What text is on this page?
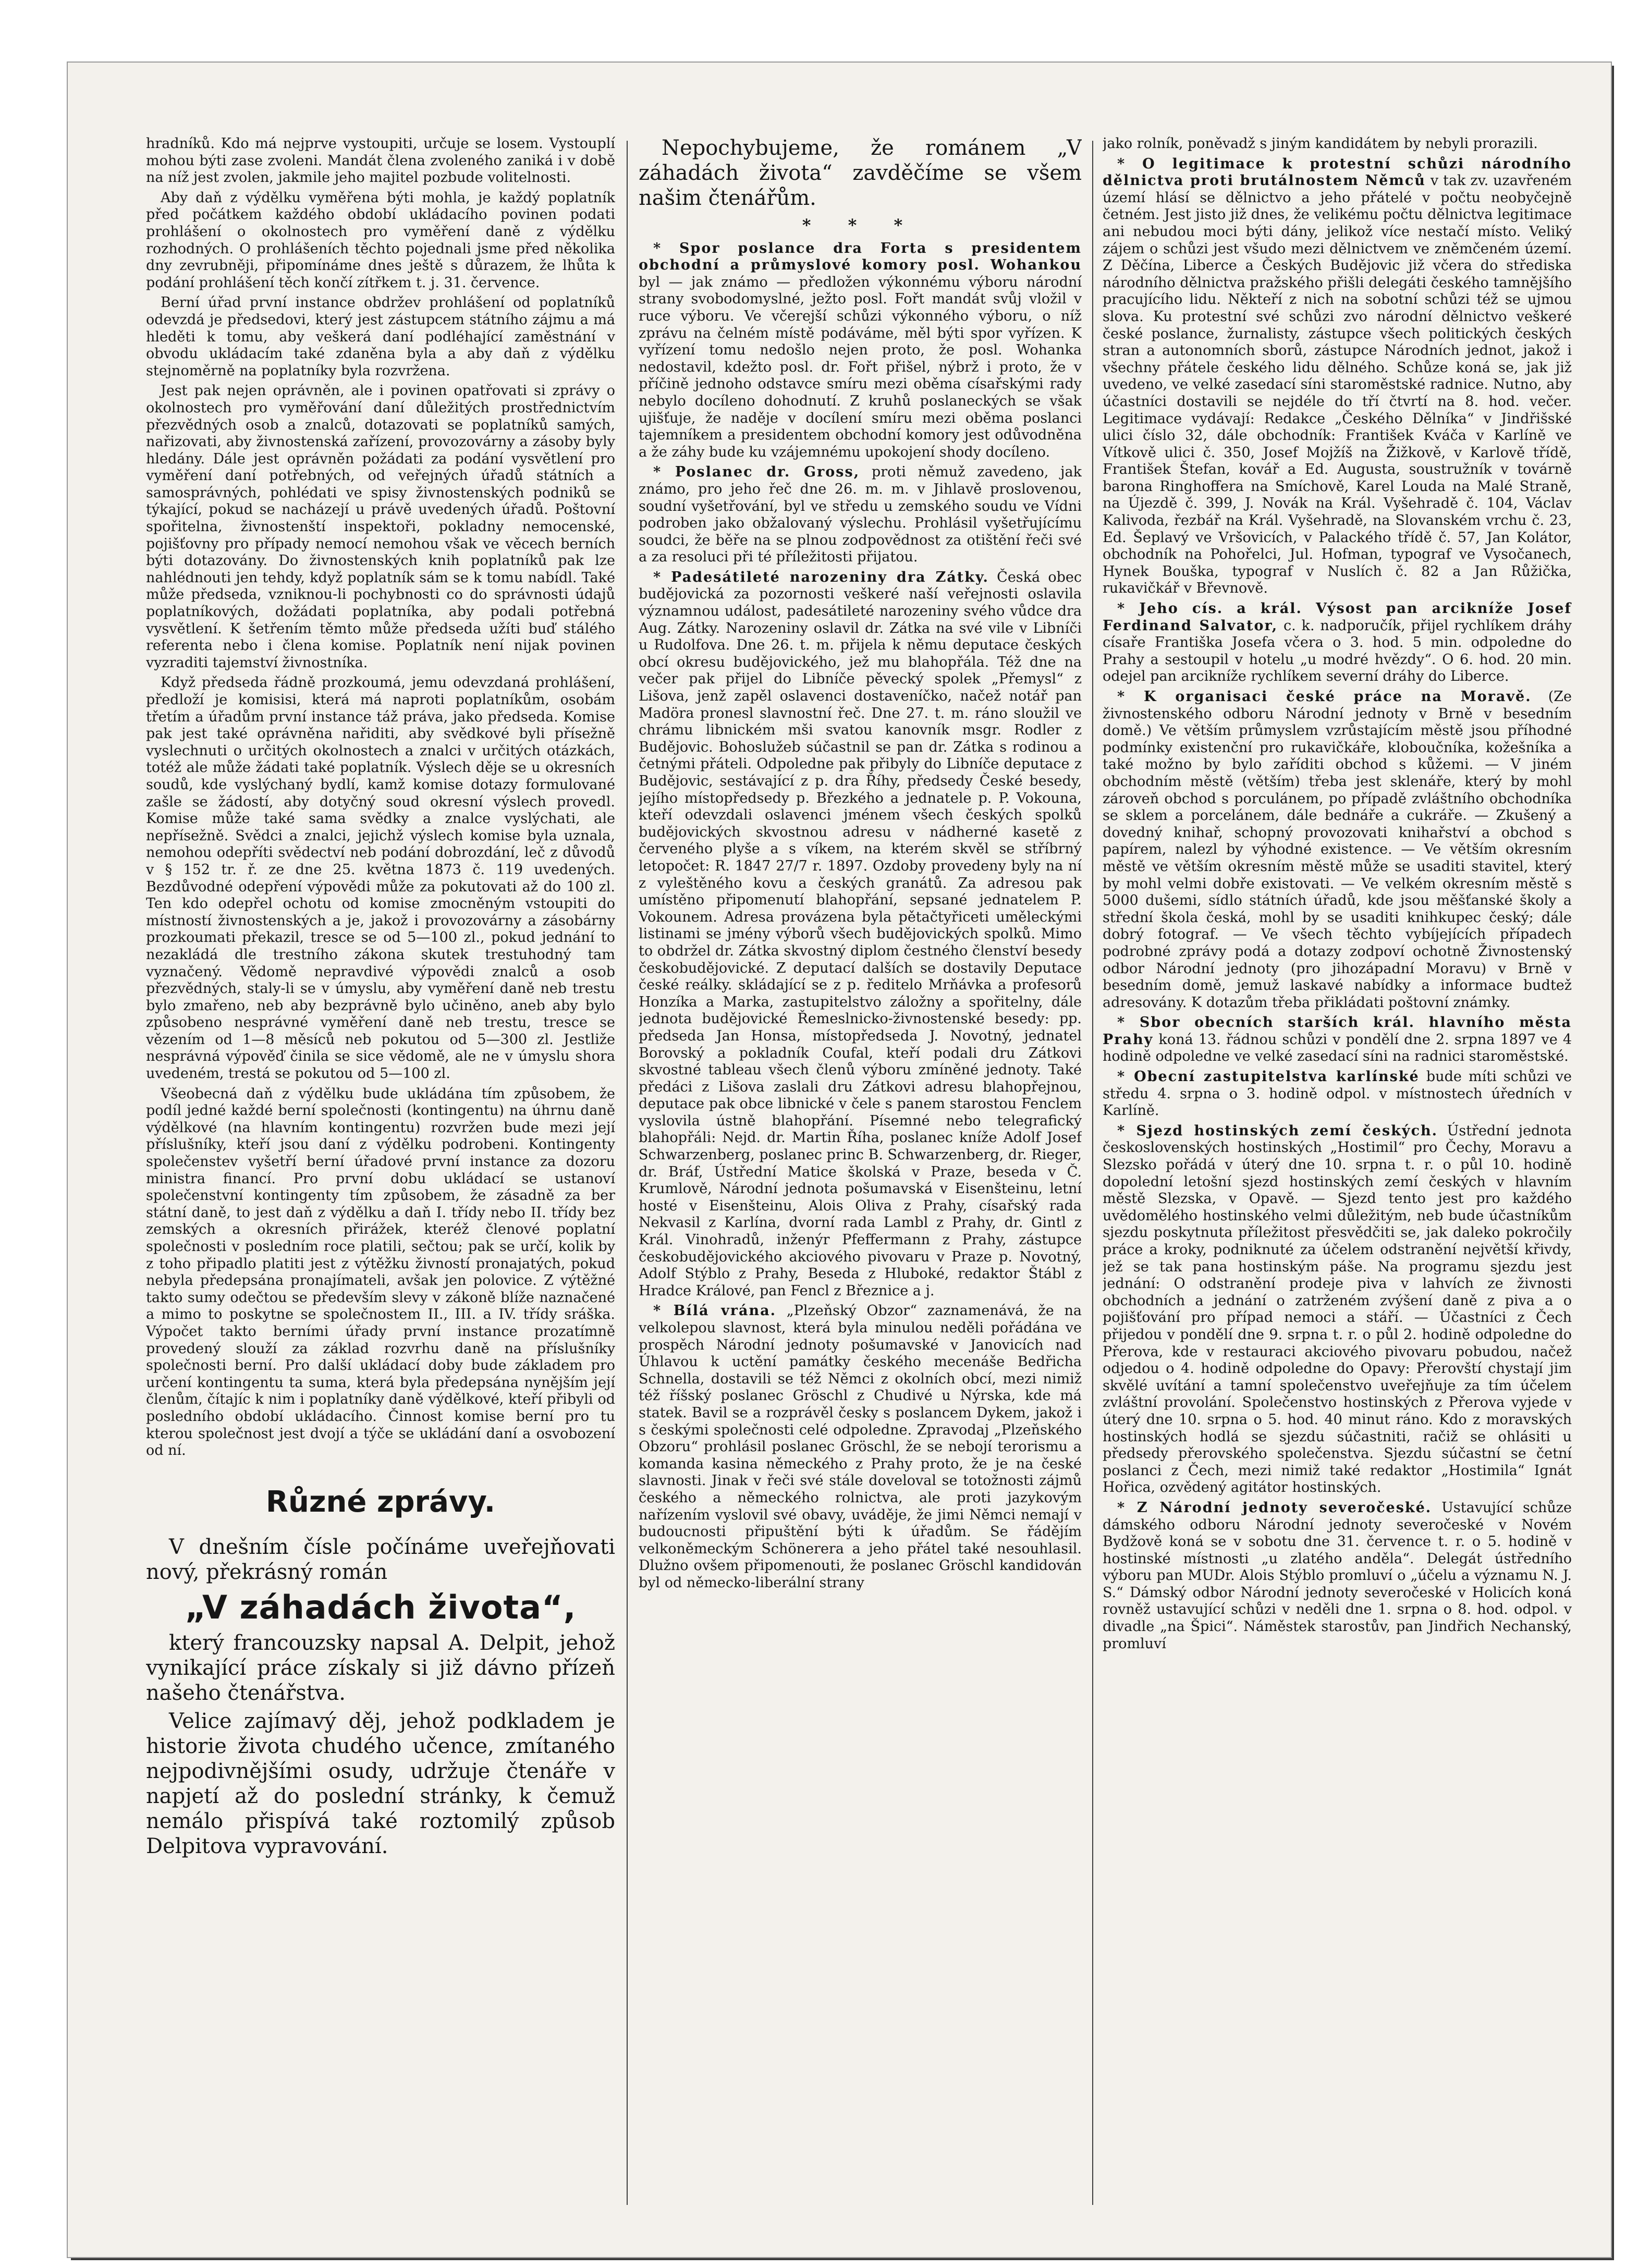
hradníků. Kdo má nejprve vystoupiti, určuje se losem. Vystouplí mohou býti zase zvoleni. Mandát člena zvoleného zaniká i v době na níž jest zvolen, jakmile jeho majitel pozbude volitelnosti.

Aby daň z výdělku vyměřena býti mohla, je každý poplatník před počátkem každého období ukládacího povinen podati prohlášení o okolnostech pro vyměření daně z výdělku rozhodných. O prohlášeních těchto pojednali jsme před několika dny zevrubněji, připomínáme dnes ještě s důrazem, že lhůta k podání prohlášení těch končí zítřkem t. j. 31. července.

Berní úřad první instance obdržev prohlášení od poplatníků odevzdá je předsedovi, který jest zástupcem státního zájmu a má hleděti k tomu, aby veškerá daní podléhající zaměstnání v obvodu ukládacím také zdaněna byla a aby daň z výdělku stejnoměrně na poplatníky byla rozvržena.

Jest pak nejen oprávněn, ale i povinen opatřovati si zprávy o okolnostech pro vyměřování daní důležitých prostřednictvím přezvědných osob a znalců, dotazovati se poplatníků samých, nařizovati, aby živnostenská zařízení, provozovárny a zásoby byly hledány. Dále jest oprávněn požádati za podání vysvětlení pro vyměření daní potřebných, od veřejných úřadů státních a samosprávných, pohlédati ve spisy živnostenských podniků se týkající, pokud se nacházejí u právě uvedených úřadů. Poštovní spořitelna, živnostenští inspektoři, pokladny nemocenské, pojišťovny pro případy nemocí nemohou však ve věcech berních býti dotazovány. Do živnostenských knih poplatníků pak lze nahlédnouti jen tehdy, když poplatník sám se k tomu nabídl. Také může předseda, vzniknou-li pochybnosti co do správnosti údajů poplatníkových, dožádati poplatníka, aby podali potřebná vysvětlení. K šetřením těmto může předseda užíti buď stálého referenta nebo i člena komise. Poplatník není nijak povinen vyzraditi tajemství živnostníka.

Když předseda řádně prozkoumá, jemu odevzdaná prohlášení, předloží je komisisi, která má naproti poplatníkům, osobám třetím a úřadům první instance táž práva, jako předseda. Komise pak jest také oprávněna nařiditi, aby svědkové byli přísežně vyslechnuti o určitých okolnostech a znalci v určitých otázkách, totéž ale může žádati také poplatník. Výslech děje se u okresních soudů, kde vyslýchaný bydlí, kamž komise dotazy formulované zašle se žádostí, aby dotyčný soud okresní výslech provedl. Komise může také sama svědky a znalce vyslýchati, ale nepřísežně. Svědci a znalci, jejichž výslech komise byla uznala, nemohou odepříti svědectví neb podání dobrozdání, leč z důvodů v § 152 tr. ř. ze dne 25. května 1873 č. 119 uvedených. Bezdůvodné odepření výpovědi může za pokutovati až do 100 zl. Ten kdo odepřel ochotu od komise zmocněným vstoupiti do místností živnostenských a je, jakož i provozovárny a zásobárny prozkoumati překazil, tresce se od 5—100 zl., pokud jednání to nezakládá dle trestního zákona skutek trestuhodný tam vyznačený. Vědomě nepravdivé výpovědi znalců a osob přezvědných, staly-li se v úmyslu, aby vyměření daně neb trestu bylo zmařeno, neb aby bezprávně bylo učiněno, aneb aby bylo způsobeno nesprávné vyměření daně neb trestu, tresce se vězením od 1—8 měsíců neb pokutou od 5—300 zl. Jestliže nesprávná výpověď činila se sice vědomě, ale ne v úmyslu shora uvedeném, trestá se pokutou od 5—100 zl.

Všeobecná daň z výdělku bude ukládána tím způsobem, že podíl jedné každé berní společnosti (kontingentu) na úhrnu daně výdělkové (na hlavním kontingentu) rozvržen bude mezi její příslušníky, kteří jsou daní z výdělku podrobeni. Kontingenty společenstev vyšetří berní úřadové první instance za dozoru ministra financí. Pro první dobu ukládací se ustanoví společenstvní kontingenty tím způsobem, že zásadně za ber státní daně, to jest daň z výdělku a daň I. třídy nebo II. třídy bez zemských a okresních přirážek, kteréž členové poplatní společnosti v posledním roce platili, sečtou; pak se určí, kolik by z toho připadlo platiti jest z výtěžku živností pronajatých, pokud nebyla předepsána pronajímateli, avšak jen polovice. Z výtěžné takto sumy odečtou se především slevy v zákoně blíže naznačené a mimo to poskytne se společnostem II., III. a IV. třídy sráška. Výpočet takto berními úřady první instance prozatímně provedený slouží za základ rozvrhu daně na příslušníky společnosti berní. Pro další ukládací doby bude základem pro určení kontingentu ta suma, která byla předepsána nynějším její členům, čítajíc k nim i poplatníky daně výdělkové, kteří přibyli od posledního období ukládacího. Činnost komise berní pro tu kterou společnost jest dvojí a týče se ukládání daní a osvobození od ní.

Různé zprávy.

V dnešním čísle počínáme uveřejňovati nový, překrásný román

„V záhadách života“,

který francouzsky napsal A. Delpit, jehož vynikající práce získaly si již dávno přízeň našeho čtenářstva.

Velice zajímavý děj, jehož podkladem je historie života chudého učence, zmítaného nejpodivnějšími osudy, udržuje čtenáře v napjetí až do poslední stránky, k čemuž nemálo přispívá také roztomilý způsob Delpitova vypravování.

Nepochybujeme, že románem „V záhadách života“ zavděčíme se všem našim čtenářům.

* * *

* Spor poslance dra Forta s presidentem obchodní a průmyslové komory posl. Wohankou byl — jak známo — předložen výkonnému výboru národní strany svobodomyslné, ježto posl. Fořt mandát svůj vložil v ruce výboru. Ve včerejší schůzi výkonného výboru, o níž zprávu na čelném místě podáváme, měl býti spor vyřízen. K vyřízení tomu nedošlo nejen proto, že posl. Wohanka nedostavil, kdežto posl. dr. Fořt přišel, nýbrž i proto, že v příčině jednoho odstavce smíru mezi oběma císařskými rady nebylo docíleno dohodnutí. Z kruhů poslaneckých se však ujišťuje, že naděje v docílení smíru mezi oběma poslanci tajemníkem a presidentem obchodní komory jest odůvodněna a že záhy bude ku vzájemnému upokojení shody docíleno.

* Poslanec dr. Gross, proti němuž zavedeno, jak známo, pro jeho řeč dne 26. m. m. v Jihlavě proslovenou, soudní vyšetřování, byl ve středu u zemského soudu ve Vídni podroben jako obžalovaný výslechu. Prohlásil vyšetřujícímu soudci, že běře na se plnou zodpovědnost za otištění řeči své a za resoluci při té příležitosti přijatou.

* Padesátileté narozeniny dra Zátky. Česká obec budějovická za pozornosti veškeré naší veřejnosti oslavila významnou událost, padesátileté narozeniny svého vůdce dra Aug. Zátky. Narozeniny oslavil dr. Zátka na své vile v Libníči u Rudolfova. Dne 26. t. m. přijela k němu deputace českých obcí okresu budějovického, jež mu blahopřála. Též dne na večer pak přijel do Libníče pěvecký spolek „Přemysl“ z Lišova, jenž zapěl oslavenci dostaveníčko, načež notář pan Madöra pronesl slavnostní řeč. Dne 27. t. m. ráno sloužil ve chrámu libnickém mši svatou kanovník msgr. Rodler z Budějovic. Bohoslužeb súčastnil se pan dr. Zátka s rodinou a četnými přáteli. Odpoledne pak přibyly do Libníče deputace z Budějovic, sestávající z p. dra Říhy, předsedy České besedy, jejího místopředsedy p. Březkého a jednatele p. P. Vokouna, kteří odevzdali oslavenci jménem všech českých spolků budějovických skvostnou adresu v nádherné kasetě z červeného plyše a s víkem, na kterém skvěl se stříbrný letopočet: R. 1847 27/7 r. 1897. Ozdoby provedeny byly na ní z vyleštěného kovu a českých granátů. Za adresou pak umístěno připomenutí blahopřání, sepsané jednatelem P. Vokounem. Adresa provázena byla pětačtyřiceti uměleckými listinami se jmény výborů všech budějovických spolků. Mimo to obdržel dr. Zátka skvostný diplom čestného členství besedy českobudějovické. Z deputací dalších se dostavily Deputace české reálky. skládající se z p. ředitelo Mrňávka a profesorů Honzíka a Marka, zastupitelstvo záložny a spořitelny, dále jednota budějovické Řemeslnicko-živnostenské besedy: pp. předseda Jan Honsa, místopředseda J. Novotný, jednatel Borovský a pokladník Coufal, kteří podali dru Zátkovi skvostné tableau všech členů výboru zmíněné jednoty. Také předáci z Lišova zaslali dru Zátkovi adresu blahopřejnou, deputace pak obce libnické v čele s panem starostou Fenclem vyslovila ústně blahopřání. Písemné nebo telegrafický blahopřáli: Nejd. dr. Martin Říha, poslanec kníže Adolf Josef Schwarzenberg, poslanec princ B. Schwarzenberg, dr. Rieger, dr. Bráf, Ústřední Matice školská v Praze, beseda v Č. Krumlově, Národní jednota pošumavská v Eisenšteinu, letní hosté v Eisenšteinu, Alois Oliva z Prahy, císařský rada Nekvasil z Karlína, dvorní rada Lambl z Prahy, dr. Gintl z Král. Vinohradů, inženýr Pfeffermann z Prahy, zástupce českobudějovického akciového pivovaru v Praze p. Novotný, Adolf Stýblo z Prahy, Beseda z Hluboké, redaktor Štábl z Hradce Králové, pan Fencl z Březnice a j.

* Bílá vrána. „Plzeňský Obzor“ zaznamenává, že na velkolepou slavnost, která byla minulou neděli pořádána ve prospěch Národní jednoty pošumavské v Janovicích nad Úhlavou k uctění památky českého mecenáše Bedřicha Schnella, dostavili se též Němci z okolních obcí, mezi nimiž též říšský poslanec Gröschl z Chudivé u Nýrska, kde má statek. Bavil se a rozprávěl česky s poslancem Dykem, jakož i s českými společnosti celé odpoledne. Zpravodaj „Plzeňského Obzoru“ prohlásil poslanec Gröschl, že se nebojí terorismu a komanda kasina německého z Prahy proto, že je na české slavnosti. Jinak v řeči své stále doveloval se totožnosti zájmů českého a německého rolnictva, ale proti jazykovým nařízením vyslovil své obavy, uváděje, že jimi Němci nemají v budoucnosti připuštění býti k úřadům. Se řádějím velkoněmeckým Schönerera a jeho přátel také nesouhlasil. Dlužno ovšem připomenouti, že poslanec Gröschl kandidován byl od německo-liberální strany

jako rolník, poněvadž s jiným kandidátem by nebyli prorazili.

* O legitimace k protestní schůzi národního dělnictva proti brutálnostem Němců v tak zv. uzavřeném území hlásí se dělnictvo a jeho přátelé v počtu neobyčejně četném. Jest jisto již dnes, že velikému počtu dělnictva legitimace ani nebudou moci býti dány, jelikož více nestačí místo. Veliký zájem o schůzi jest všudo mezi dělnictvem ve zněmčeném území. Z Děčína, Liberce a Českých Budějovic již včera do střediska národního dělnictva pražského přišli delegáti českého tamnějšího pracujícího lidu. Někteří z nich na sobotní schůzi též se ujmou slova. Ku protestní své schůzi zvo národní dělnictvo veškeré české poslance, žurnalisty, zástupce všech politických českých stran a autonomních sborů, zástupce Národních jednot, jakož i všechny přátele českého lidu dělného. Schůze koná se, jak již uvedeno, ve velké zasedací síni staroměstské radnice. Nutno, aby účastníci dostavili se nejdéle do tří čtvrtí na 8. hod. večer. Legitimace vydávají: Redakce „Českého Dělníka“ v Jindřišské ulici číslo 32, dále obchodník: František Kváča v Karlíně ve Vítkově ulici č. 350, Josef Mojžíš na Žižkově, v Karlově třídě, František Štefan, kovář a Ed. Augusta, soustružník v továrně barona Ringhoffera na Smíchově, Karel Louda na Malé Straně, na Újezdě č. 399, J. Novák na Král. Vyšehradě č. 104, Václav Kalivoda, řezbář na Král. Vyšehradě, na Slovanském vrchu č. 23, Ed. Šeplavý ve Vršovicích, v Palackého třídě č. 57, Jan Kolátor, obchodník na Pohořelci, Jul. Hofman, typograf ve Vysočanech, Hynek Bouška, typograf v Nuslích č. 82 a Jan Růžička, rukavičkář v Břevnově.

* Jeho cís. a král. Výsost pan arcikníže Josef Ferdinand Salvator, c. k. nadporučík, přijel rychlíkem dráhy císaře Františka Josefa včera o 3. hod. 5 min. odpoledne do Prahy a sestoupil v hotelu „u modré hvězdy“. O 6. hod. 20 min. odejel pan arcikníže rychlíkem severní dráhy do Liberce.

* K organisaci české práce na Moravě. (Ze živnostenského odboru Národní jednoty v Brně v besedním domě.) Ve větším průmyslem vzrůstajícím městě jsou příhodné podmínky existenční pro rukavičkáře, kloboučníka, kožešníka a také možno by bylo zaříditi obchod s kůžemi. — V jiném obchodním městě (větším) třeba jest sklenáře, který by mohl zároveň obchod s porculánem, po případě zvláštního obchodníka se sklem a porcelánem, dále bednáře a cukráře. — Zkušený a dovedný knihař, schopný provozovati knihařství a obchod s papírem, nalezl by výhodné existence. — Ve větším okresním městě ve větším okresním městě může se usaditi stavitel, který by mohl velmi dobře existovati. — Ve velkém okresním městě s 5000 dušemi, sídlo státních úřadů, kde jsou měšťanské školy a střední škola česká, mohl by se usaditi knihkupec český; dále dobrý fotograf. — Ve všech těchto vybíjejících případech podrobné zprávy podá a dotazy zodpoví ochotně Živnostenský odbor Národní jednoty (pro jihozápadní Moravu) v Brně v besedním domě, jemuž laskavé nabídky a informace budtež adresovány. K dotazům třeba přikládati poštovní známky.

* Sbor obecních starších král. hlavního města Prahy koná 13. řádnou schůzi v pondělí dne 2. srpna 1897 ve 4 hodině odpoledne ve velké zasedací síni na radnici staroměstské.

* Obecní zastupitelstva karlínské bude míti schůzi ve středu 4. srpna o 3. hodině odpol. v místnostech úředních v Karlíně.

* Sjezd hostinských zemí českých. Ústřední jednota československých hostinských „Hostimil“ pro Čechy, Moravu a Slezsko pořádá v úterý dne 10. srpna t. r. o půl 10. hodině dopolední letošní sjezd hostinských zemí českých v hlavním městě Slezska, v Opavě. — Sjezd tento jest pro každého uvědomělého hostinského velmi důležitým, neb bude účastníkům sjezdu poskytnuta příležitost přesvědčiti se, jak daleko pokročily práce a kroky, podniknuté za účelem odstranění největší křivdy, jež se tak pana hostinským páše. Na programu sjezdu jest jednání: O odstranění prodeje piva v lahvích ze živnosti obchodních a jednání o zatrženém zvýšení daně z piva a o pojišťování pro případ nemoci a stáří. — Účastníci z Čech přijedou v pondělí dne 9. srpna t. r. o půl 2. hodině odpoledne do Přerova, kde v restauraci akciového pivovaru pobudou, načež odjedou o 4. hodině odpoledne do Opavy: Přerovští chystají jim skvělé uvítání a tamní společenstvo uveřejňuje za tím účelem zvláštní provolání. Společenstvo hostinských z Přerova vyjede v úterý dne 10. srpna o 5. hod. 40 minut ráno. Kdo z moravských hostinských hodlá se sjezdu súčastniti, račiž se ohlásiti u předsedy přerovského společenstva. Sjezdu súčastní se četní poslanci z Čech, mezi nimiž také redaktor „Hostimila“ Ignát Hořica, ozvědený agitátor hostinských.

* Z Národní jednoty severočeské. Ustavující schůze dámského odboru Národní jednoty severočeské v Novém Bydžově koná se v sobotu dne 31. července t. r. o 5. hodině v hostinské místnosti „u zlatého anděla“. Delegát ústředního výboru pan MUDr. Alois Stýblo promluví o „účelu a významu N. J. S.“ Dámský odbor Národní jednoty severočeské v Holicích koná rovněž ustavující schůzi v neděli dne 1. srpna o 8. hod. odpol. v divadle „na Špici“. Náměstek starostův, pan Jindřich Nechanský, promluví
